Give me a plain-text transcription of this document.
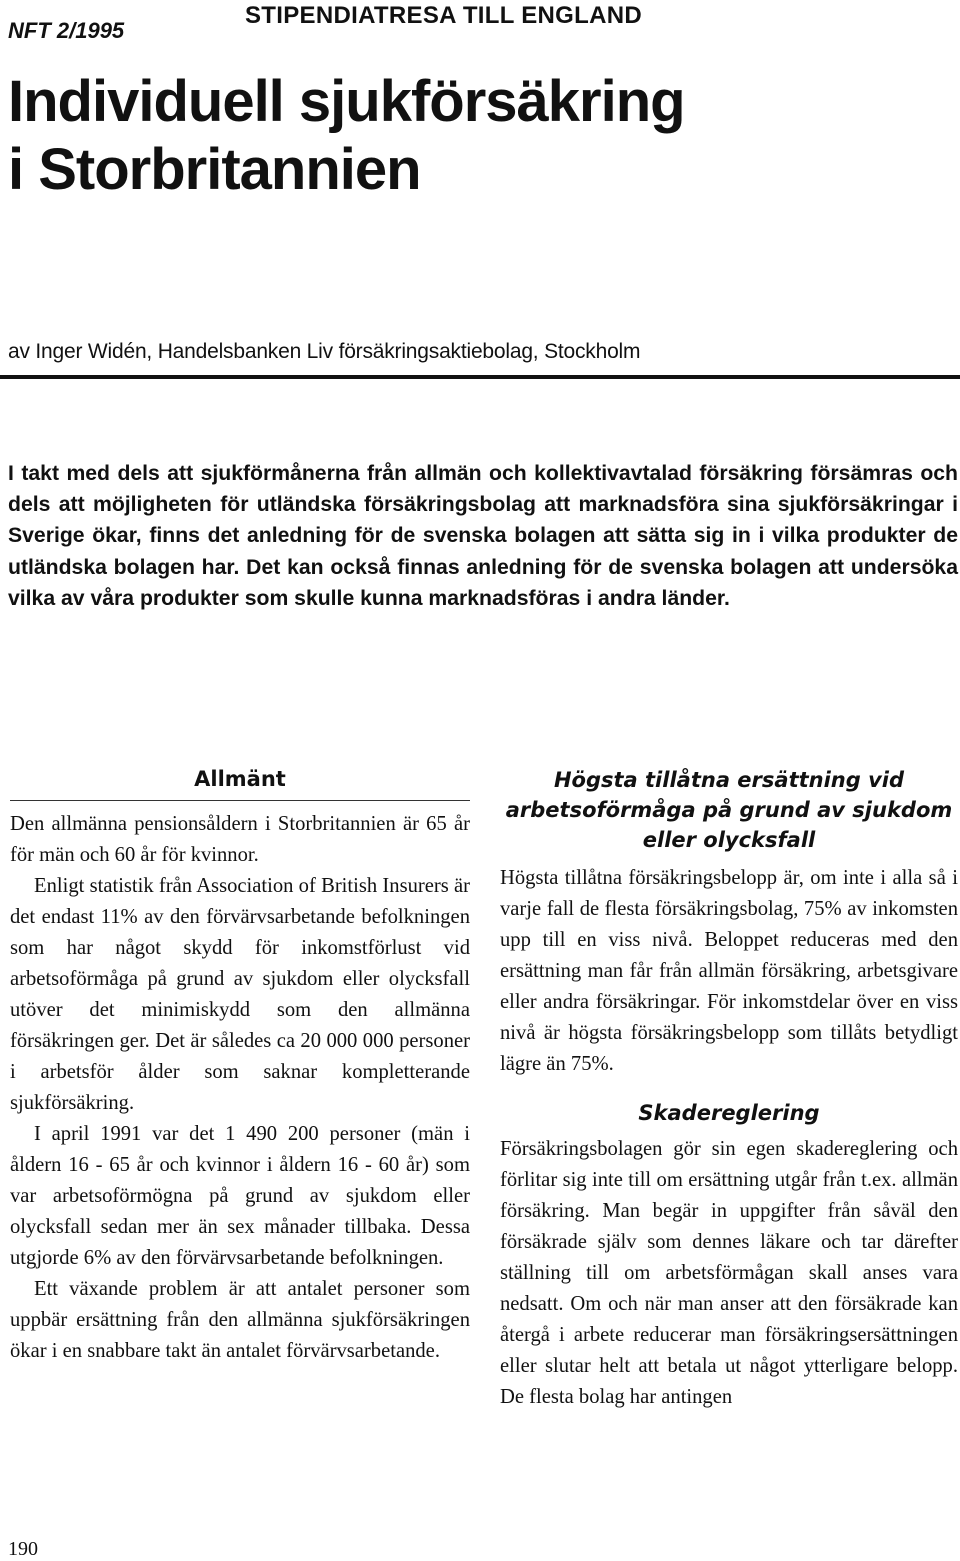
NFT 2/1995
STIPENDIATRESA TILL ENGLAND
Individuell sjukförsäkring
i Storbritannien
av Inger Widén, Handelsbanken Liv försäkringsaktiebolag, Stockholm

I takt med dels att sjukförmånerna från allmän och kollektivavtalad försäkring försämras och dels att möjligheten för utländska försäkringsbolag att marknadsföra sina sjukförsäkringar i Sverige ökar, finns det anledning för de svenska bolagen att sätta sig in i vilka produkter de utländska bolagen har. Det kan också finnas anledning för de svenska bolagen att undersöka vilka av våra produkter som skulle kunna marknadsföras i andra länder.

Allmänt

Den allmänna pensionsåldern i Storbritannien är 65 år för män och 60 år för kvinnor.

Enligt statistik från Association of British Insurers är det endast 11% av den förvärvsarbetande befolkningen som har något skydd för inkomstförlust vid arbetsoförmåga på grund av sjukdom eller olycksfall utöver det minimiskydd som den allmänna försäkringen ger. Det är således ca 20 000 000 personer i arbetsför ålder som saknar kompletterande sjukförsäkring.

I april 1991 var det 1 490 200 personer (män i åldern 16 - 65 år och kvinnor i åldern 16 - 60 år) som var arbetsoförmögna på grund av sjukdom eller olycksfall sedan mer än sex månader tillbaka. Dessa utgjorde 6% av den förvärvsarbetande befolkningen.

Ett växande problem är att antalet personer som uppbär ersättning från den allmänna sjukförsäkringen ökar i en snabbare takt än antalet förvärvsarbetande.

Högsta tillåtna ersättning vid arbetsoförmåga på grund av sjukdom eller olycksfall

Högsta tillåtna försäkringsbelopp är, om inte i alla så i varje fall de flesta försäkringsbolag, 75% av inkomsten upp till en viss nivå. Beloppet reduceras med den ersättning man får från allmän försäkring, arbetsgivare eller andra försäkringar. För inkomstdelar över en viss nivå är högsta försäkringsbelopp som tillåts betydligt lägre än 75%.

Skadereglering

Försäkringsbolagen gör sin egen skadereglering och förlitar sig inte till om ersättning utgår från t.ex. allmän försäkring. Man begär in uppgifter från såväl den försäkrade själv som dennes läkare och tar därefter ställning till om arbetsförmågan skall anses vara nedsatt. Om och när man anser att den försäkrade kan återgå i arbete reducerar man försäkringsersättningen eller slutar helt att betala ut något ytterligare belopp. De flesta bolag har antingen

190
